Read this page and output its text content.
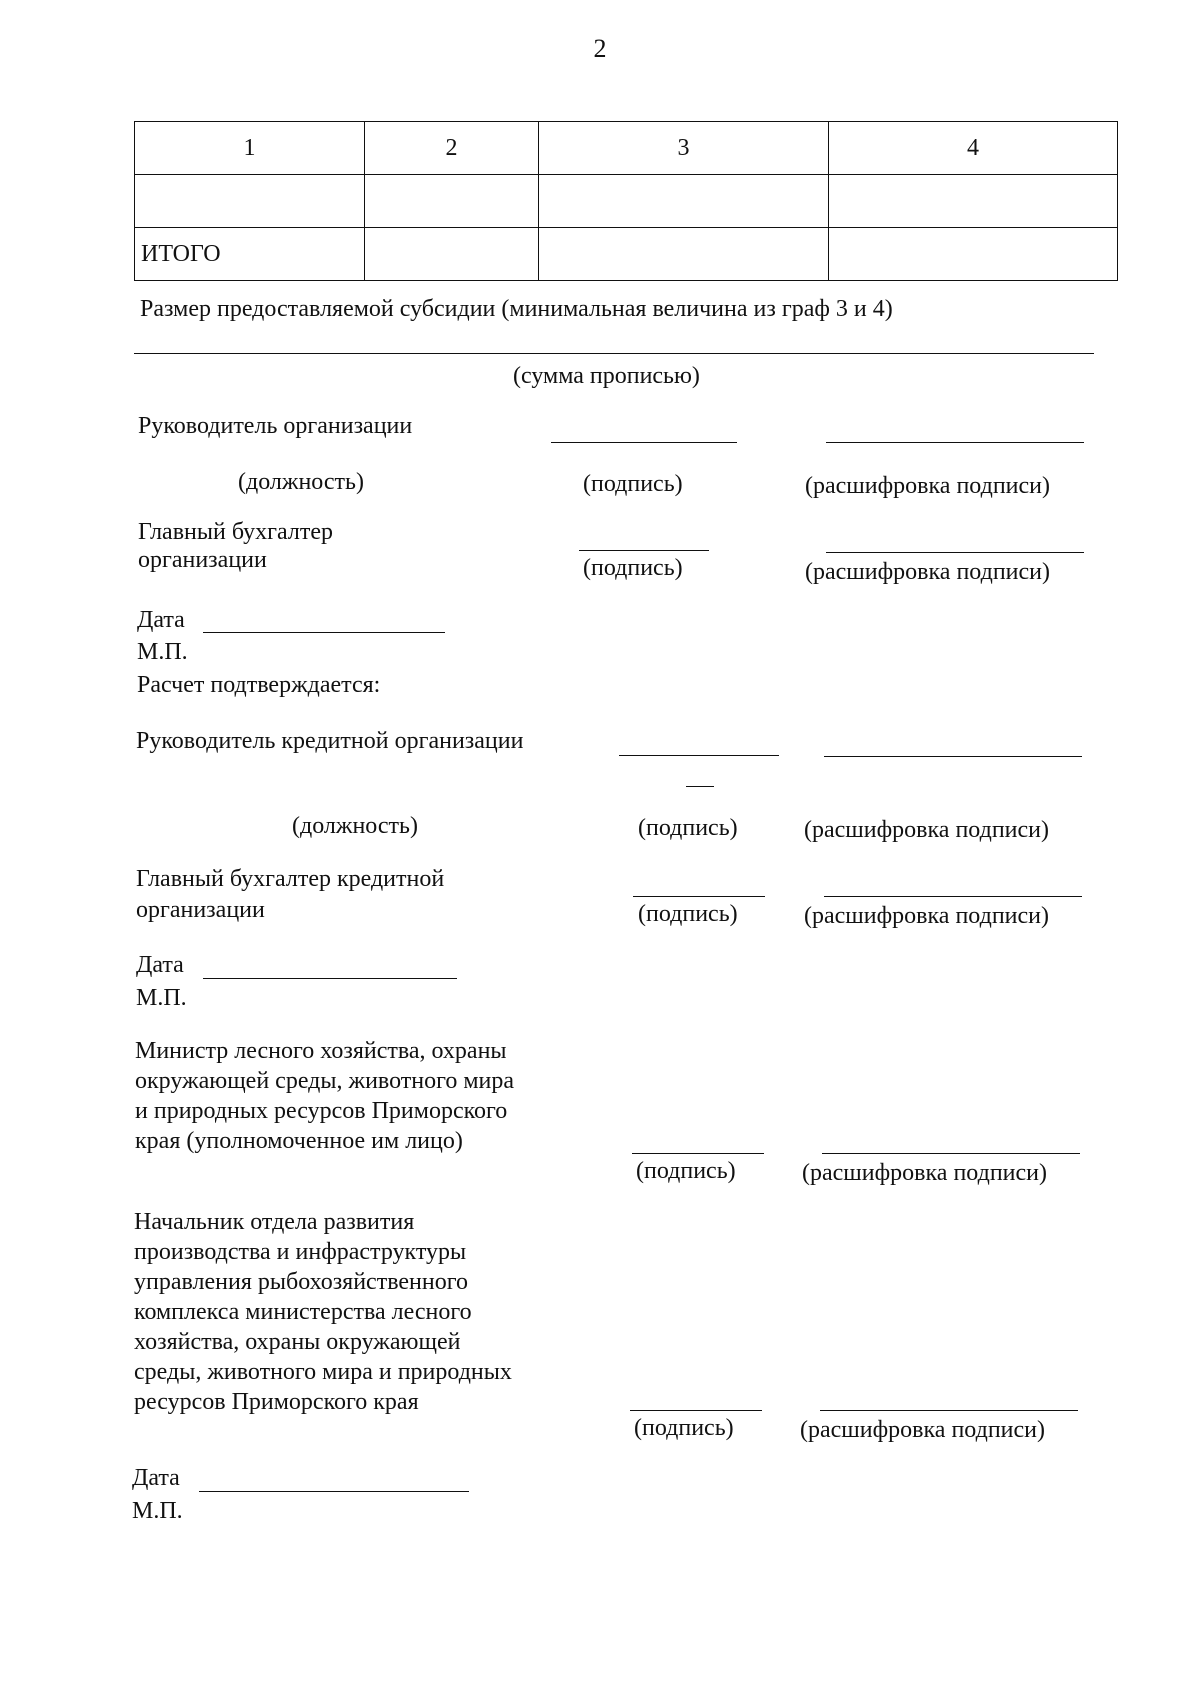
2
1	2	3	4

ИТОГО			
Размер предоставляемой субсидии (минимальная величина из граф 3 и 4)
(сумма прописью)
Руководитель организации
(должность)	(подпись)	(расшифровка подписи)
Главный бухгалтер
организации	(подпись)	(расшифровка подписи)
Дата
М.П.
Расчет подтверждается:
Руководитель кредитной организации
(должность)	(подпись)	(расшифровка подписи)
Главный бухгалтер кредитной
организации	(подпись)	(расшифровка подписи)
Дата
М.П.
Министр лесного хозяйства, охраны
окружающей среды, животного мира
и природных ресурсов Приморского
края (уполномоченное им лицо)
(подпись)	(расшифровка подписи)
Начальник отдела развития
производства и инфраструктуры
управления рыбохозяйственного
комплекса министерства лесного
хозяйства, охраны окружающей
среды, животного мира и природных
ресурсов Приморского края
(подпись)	(расшифровка подписи)
Дата
М.П.
